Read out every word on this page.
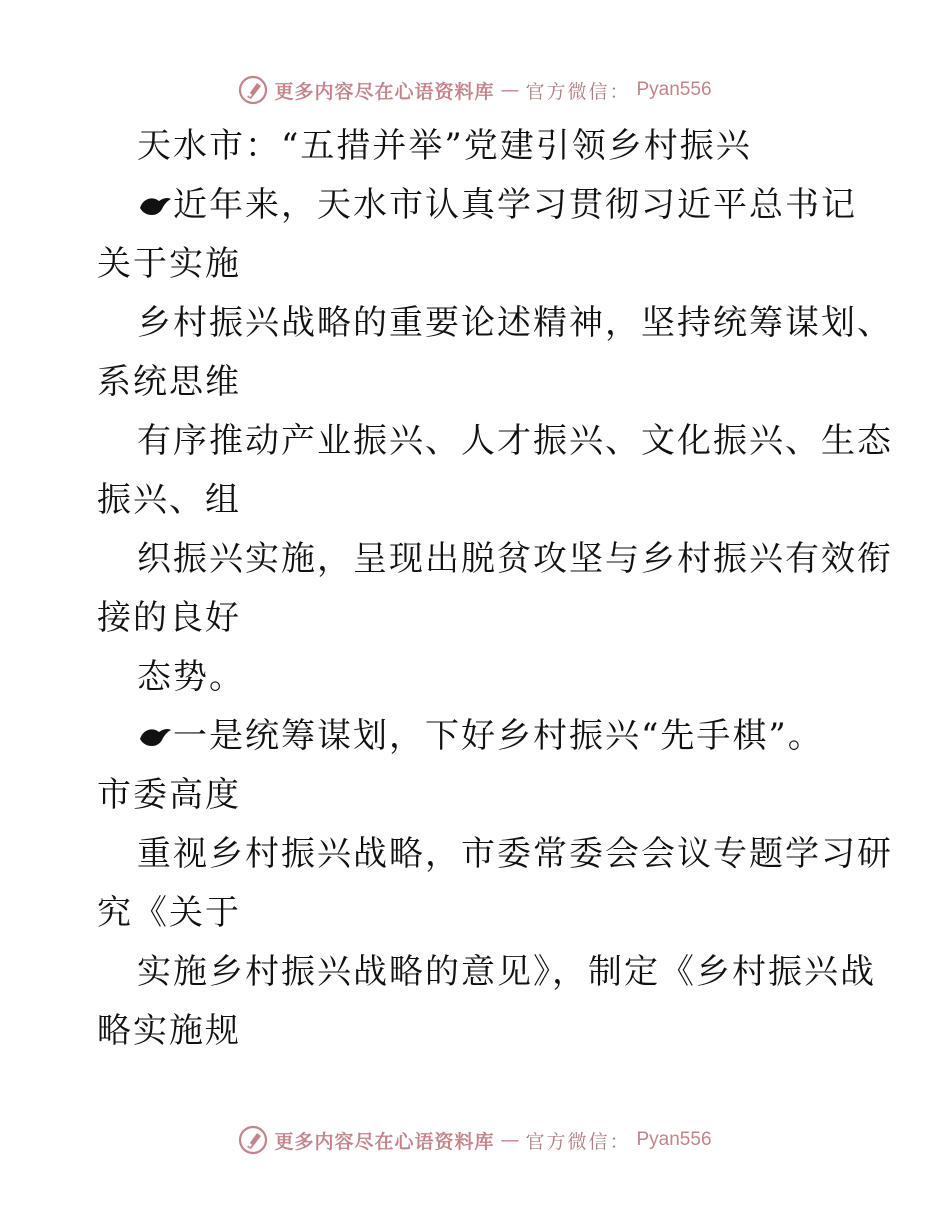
更多内容尽在心语资料库 — 官方微信： Pyan556
天水市：“五措并举”党建引领乡村振兴
近年来，天水市认真学习贯彻习近平总书记
关于实施
乡村振兴战略的重要论述精神，坚持统筹谋划、
系统思维
有序推动产业振兴、人才振兴、文化振兴、生态
振兴、组
织振兴实施，呈现出脱贫攻坚与乡村振兴有效衔
接的良好
态势。
一是统筹谋划，下好乡村振兴“先手棋”。
市委高度
重视乡村振兴战略，市委常委会会议专题学习研
究《关于
实施乡村振兴战略的意见》，制定《乡村振兴战
略实施规
更多内容尽在心语资料库 — 官方微信： Pyan556
